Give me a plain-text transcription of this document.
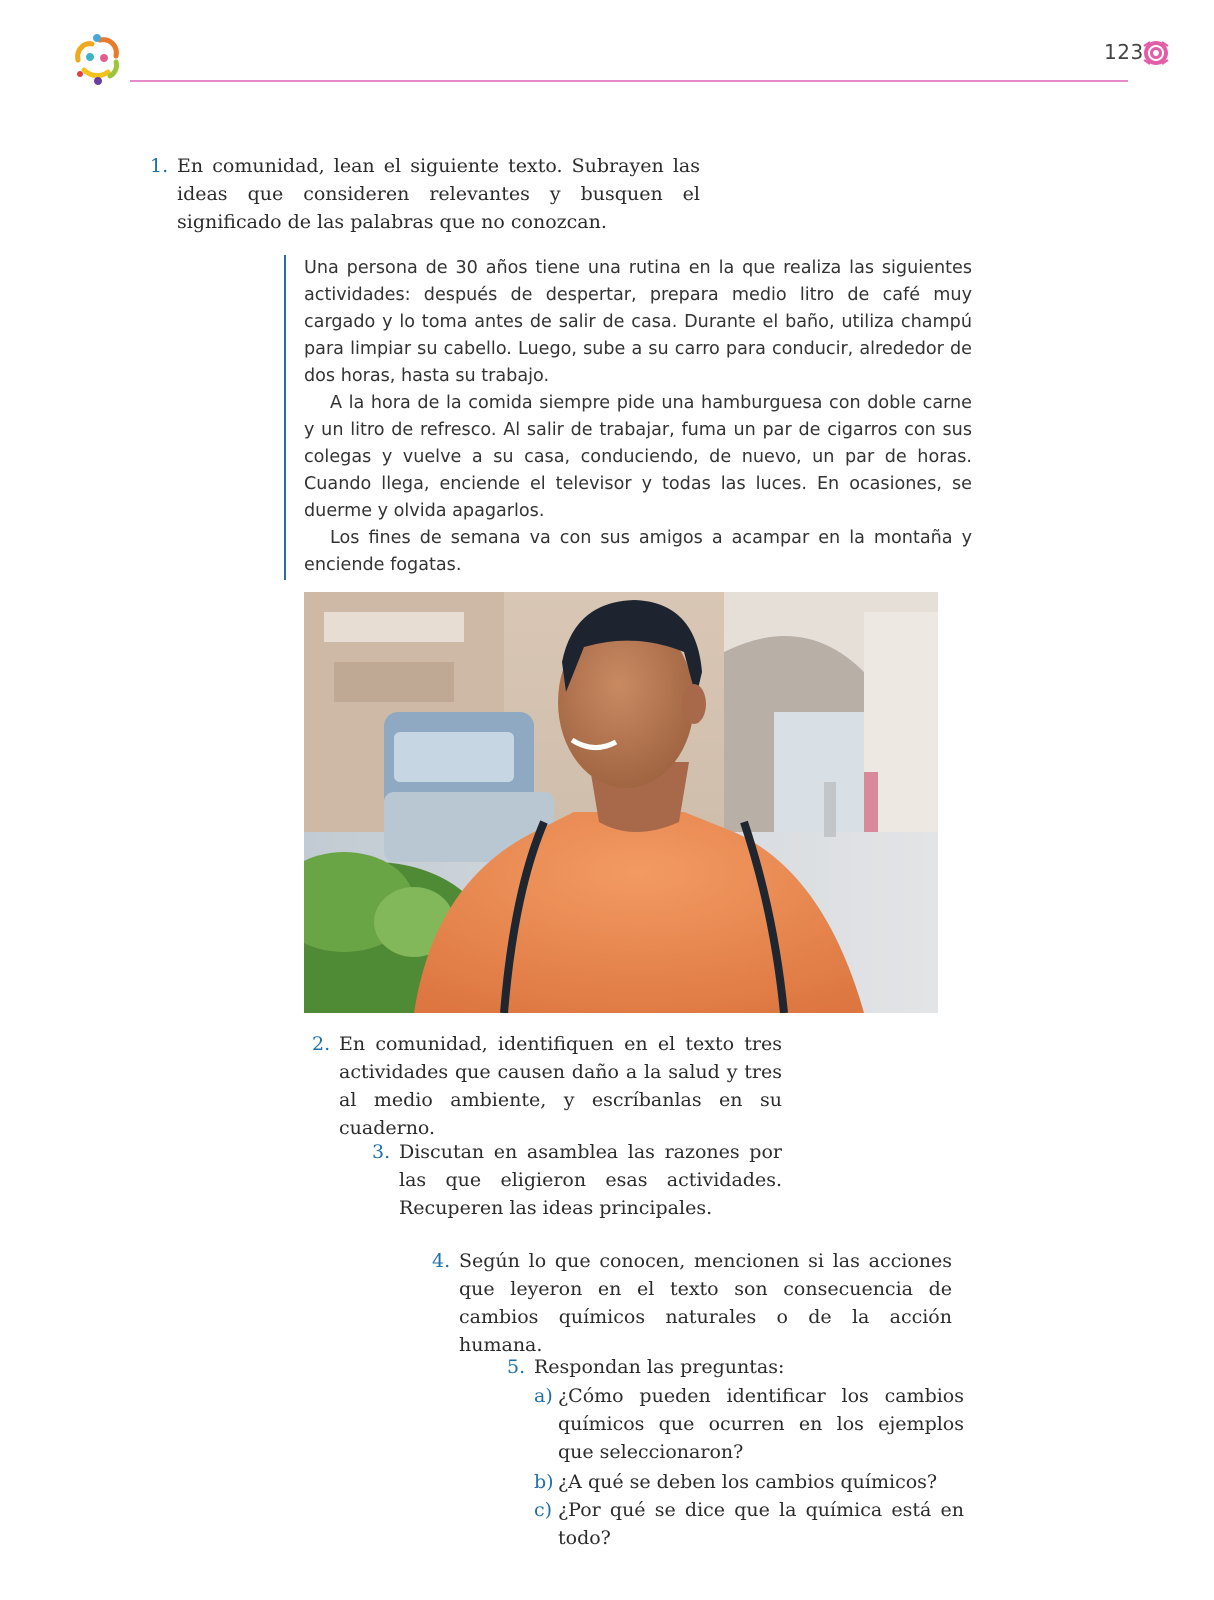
123
1. En comunidad, lean el siguiente texto. Subrayen las ideas que consideren relevantes y busquen el significado de las palabras que no conozcan.

Una persona de 30 años tiene una rutina en la que realiza las siguientes actividades: después de despertar, prepara medio litro de café muy cargado y lo toma antes de salir de casa. Durante el baño, utiliza champú para limpiar su cabello. Luego, sube a su carro para conducir, alrededor de dos horas, hasta su trabajo.

A la hora de la comida siempre pide una hamburguesa con doble carne y un litro de refresco. Al salir de trabajar, fuma un par de cigarros con sus colegas y vuelve a su casa, conduciendo, de nuevo, un par de horas. Cuando llega, enciende el televisor y todas las luces. En ocasiones, se duerme y olvida apagarlos.

Los fines de semana va con sus amigos a acampar en la montaña y enciende fogatas.

2. En comunidad, identifiquen en el texto tres actividades que causen daño a la salud y tres al medio ambiente, y escríbanlas en su cuaderno.
3. Discutan en asamblea las razones por las que eligieron esas actividades. Recuperen las ideas principales.
4. Según lo que conocen, mencionen si las acciones que leyeron en el texto son consecuencia de cambios químicos naturales o de la acción humana.
5. Respondan las preguntas:
a) ¿Cómo pueden identificar los cambios químicos que ocurren en los ejemplos que seleccionaron?
b) ¿A qué se deben los cambios químicos?
c) ¿Por qué se dice que la química está en todo?
